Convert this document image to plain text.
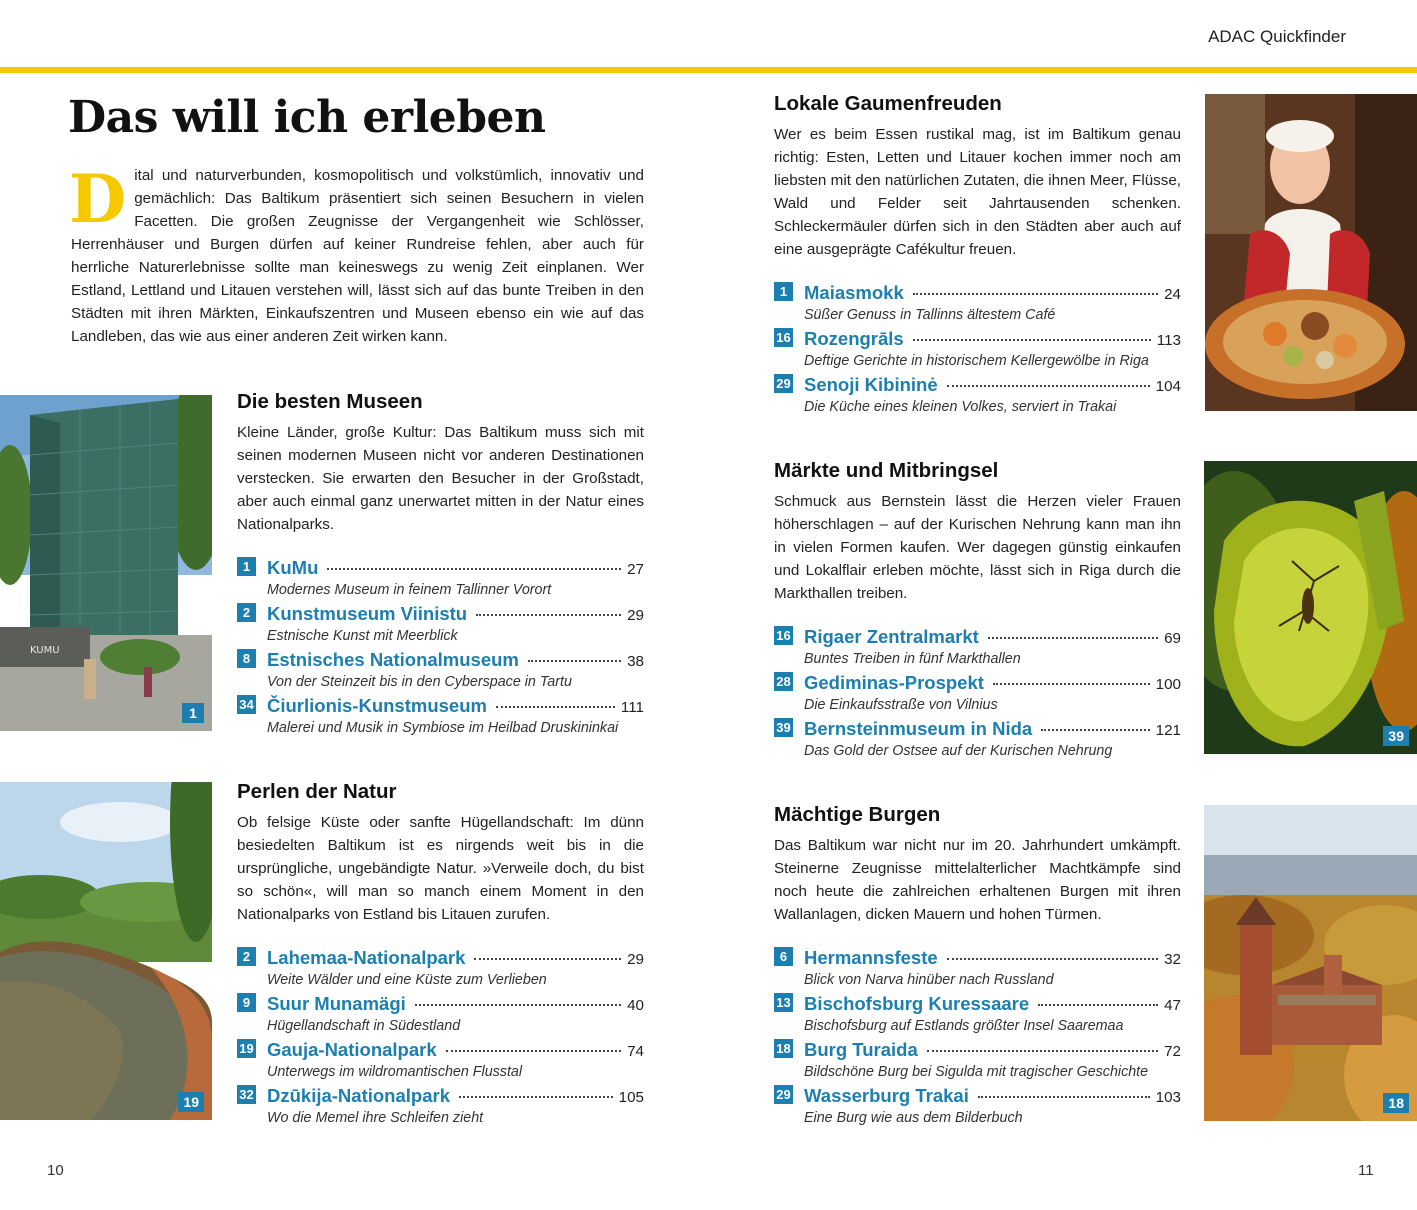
ADAC Quickfinder
Das will ich erleben
Dital und naturverbunden, kosmopolitisch und volkstümlich, innovativ und gemächlich: Das Baltikum präsentiert sich seinen Besuchern in vielen Facetten. Die großen Zeugnisse der Vergangenheit wie Schlösser, Herrenhäuser und Burgen dürfen auf keiner Rundreise fehlen, aber auch für herrliche Naturerlebnisse sollte man keineswegs zu wenig Zeit einplanen. Wer Estland, Lettland und Litauen verstehen will, lässt sich auf das bunte Treiben in den Städten mit ihren Märkten, Einkaufszentren und Museen ebenso ein wie auf das Landleben, das wie aus einer anderen Zeit wirken kann.
KUMU
1
19
39
18
Die besten Museen

Kleine Länder, große Kultur: Das Baltikum muss sich mit seinen modernen Museen nicht vor anderen Destinationen verstecken. Sie erwarten den Besucher in der Großstadt, aber auch einmal ganz unerwartet mitten in der Natur eines Nationalparks.

1 KuMu	27
Modernes Museum in feinem Tallinner Vorort
2 Kunstmuseum Viinistu	29
Estnische Kunst mit Meerblick
8 Estnisches Nationalmuseum	38
Von der Steinzeit bis in den Cyberspace in Tartu
34 Čiurlionis-Kunstmuseum	111
Malerei und Musik in Symbiose im Heilbad Druskininkai
Perlen der Natur

Ob felsige Küste oder sanfte Hügellandschaft: Im dünn besiedelten Baltikum ist es nirgends weit bis in die ursprüngliche, ungebändigte Natur. »Verweile doch, du bist so schön«, will man so manch einem Moment in den Nationalparks von Estland bis Litauen zurufen.

2 Lahemaa-Nationalpark	29
Weite Wälder und eine Küste zum Verlieben
9 Suur Munamägi	40
Hügellandschaft in Südestland
19 Gauja-Nationalpark	74
Unterwegs im wildromantischen Flusstal
32 Dzūkija-Nationalpark	105
Wo die Memel ihre Schleifen zieht
Lokale Gaumenfreuden

Wer es beim Essen rustikal mag, ist im Baltikum genau richtig: Esten, Letten und Litauer kochen immer noch am liebsten mit den natürlichen Zutaten, die ihnen Meer, Flüsse, Wald und Felder seit Jahrtausenden schenken. Schleckermäuler dürfen sich in den Städten aber auch auf eine ausgeprägte Cafékultur freuen.

1 Maiasmokk	24
Süßer Genuss in Tallinns ältestem Café
16 Rozengrāls	113
Deftige Gerichte in historischem Kellergewölbe in Riga
29 Senoji Kibininė	104
Die Küche eines kleinen Volkes, serviert in Trakai
Märkte und Mitbringsel

Schmuck aus Bernstein lässt die Herzen vieler Frauen höherschlagen – auf der Kurischen Nehrung kann man ihn in vielen Formen kaufen. Wer dagegen günstig einkaufen und Lokalflair erleben möchte, lässt sich in Riga durch die Markthallen treiben.

16 Rigaer Zentralmarkt	69
Buntes Treiben in fünf Markthallen
28 Gediminas-Prospekt	100
Die Einkaufsstraße von Vilnius
39 Bernsteinmuseum in Nida	121
Das Gold der Ostsee auf der Kurischen Nehrung
Mächtige Burgen

Das Baltikum war nicht nur im 20. Jahrhundert umkämpft. Steinerne Zeugnisse mittelalterlicher Machtkämpfe sind noch heute die zahlreichen erhaltenen Burgen mit ihren Wallanlagen, dicken Mauern und hohen Türmen.

6 Hermannsfeste	32
Blick von Narva hinüber nach Russland
13 Bischofsburg Kuressaare	47
Bischofsburg auf Estlands größter Insel Saaremaa
18 Burg Turaida	72
Bildschöne Burg bei Sigulda mit tragischer Geschichte
29 Wasserburg Trakai	103
Eine Burg wie aus dem Bilderbuch
10	11
